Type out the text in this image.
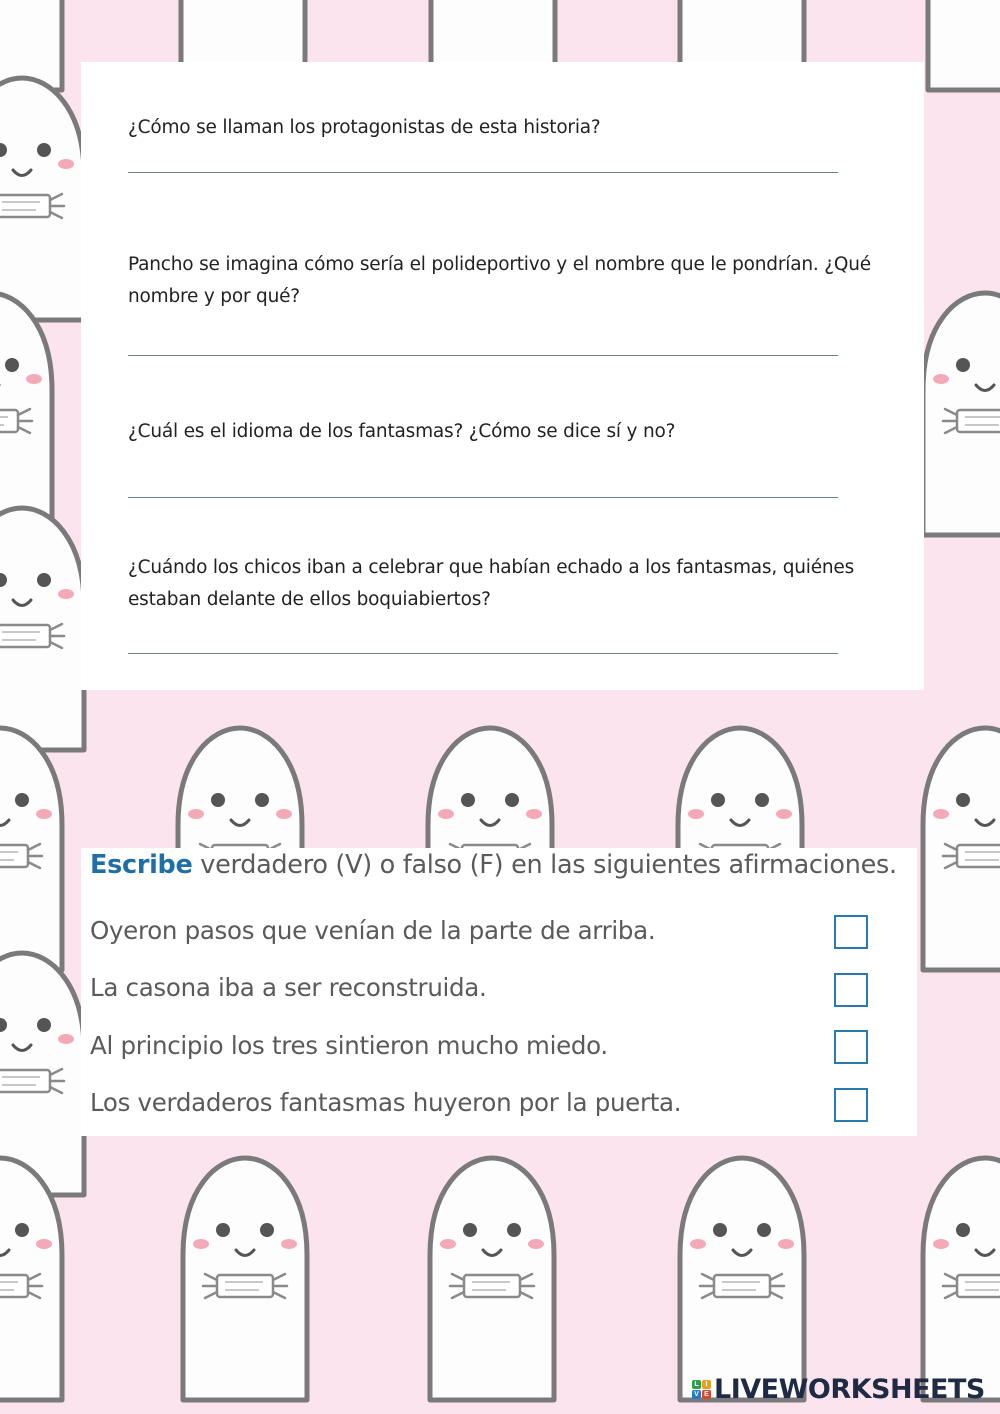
¿Cómo se llaman los protagonistas de esta historia?
Pancho se imagina cómo sería el polideportivo y el nombre que le pondrían. ¿Qué nombre y por qué?
¿Cuál es el idioma de los fantasmas? ¿Cómo se dice sí y no?
¿Cuándo los chicos iban a celebrar que habían echado a los fantasmas, quiénes estaban delante de ellos boquiabiertos?
Escribe verdadero (V) o falso (F) en las siguientes afirmaciones.
Oyeron pasos que venían de la parte de arriba.
La casona iba a ser reconstruida.
Al principio los tres sintieron mucho miedo.
Los verdaderos fantasmas huyeron por la puerta.
L I
V E LIVEWORKSHEETS
